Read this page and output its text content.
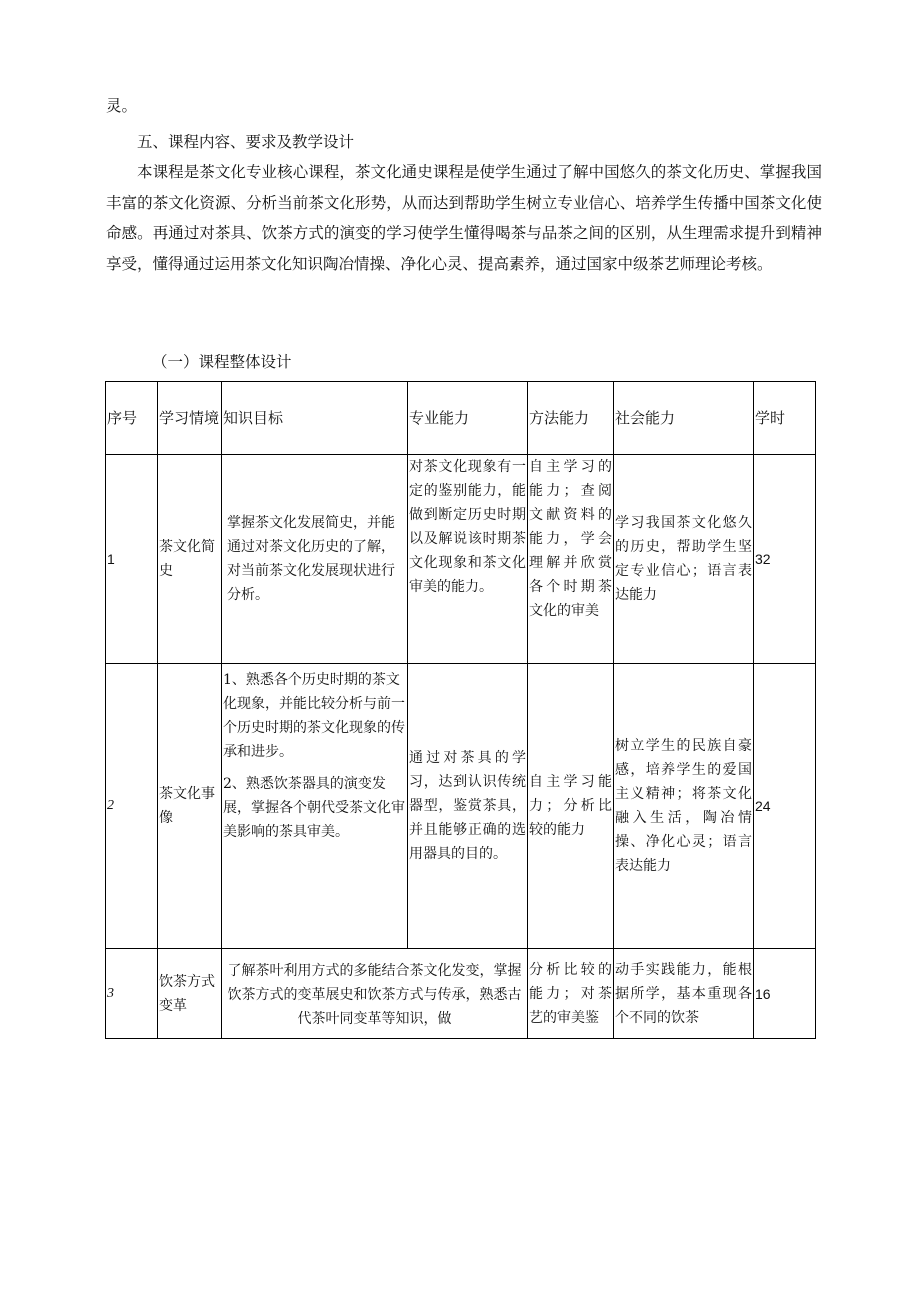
灵。
五、课程内容、要求及教学设计
本课程是茶文化专业核心课程，茶文化通史课程是使学生通过了解中国悠久的茶文化历史、掌握我国丰富的茶文化资源、分析当前茶文化形势，从而达到帮助学生树立专业信心、培养学生传播中国茶文化使命感。再通过对茶具、饮茶方式的演变的学习使学生懂得喝茶与品茶之间的区别，从生理需求提升到精神享受，懂得通过运用茶文化知识陶冶情操、净化心灵、提高素养，通过国家中级茶艺师理论考核。
（一）课程整体设计
序号	学习情境	知识目标	专业能力	方法能力	社会能力	学时
1	茶文化简史	掌握茶文化发展简史，并能通过对茶文化历史的了解，对当前茶文化发展现状进行分析。	对茶文化现象有一定的鉴别能力，能做到断定历史时期以及解说该时期茶文化现象和茶文化审美的能力。	自主学习的能力；查阅文献资料的能力，学会理解并欣赏各个时期茶文化的审美	学习我国茶文化悠久的历史，帮助学生坚定专业信心；语言表达能力	32
2	茶文化事像	1、熟悉各个历史时期的茶文化现象，并能比较分析与前一个历史时期的茶文化现象的传承和进步。

2、熟悉饮茶器具的演变发展，掌握各个朝代受茶文化审美影响的茶具审美。	通过对茶具的学习，达到认识传统器型，鉴赏茶具，并且能够正确的选用器具的目的。	自主学习能力；分析比较的能力	树立学生的民族自豪感，培养学生的爱国主义精神；将茶文化融入生活，陶冶情操、净化心灵；语言表达能力	24
3	饮茶方式变革	了解茶叶利用方式的多能结合茶文化发变，掌握饮茶方式的变革展史和饮茶方式与传承，熟悉古代茶叶同变革等知识，做		分析比较的能力；对茶艺的审美鉴	动手实践能力，能根据所学，基本重现各个不同的饮茶	16
